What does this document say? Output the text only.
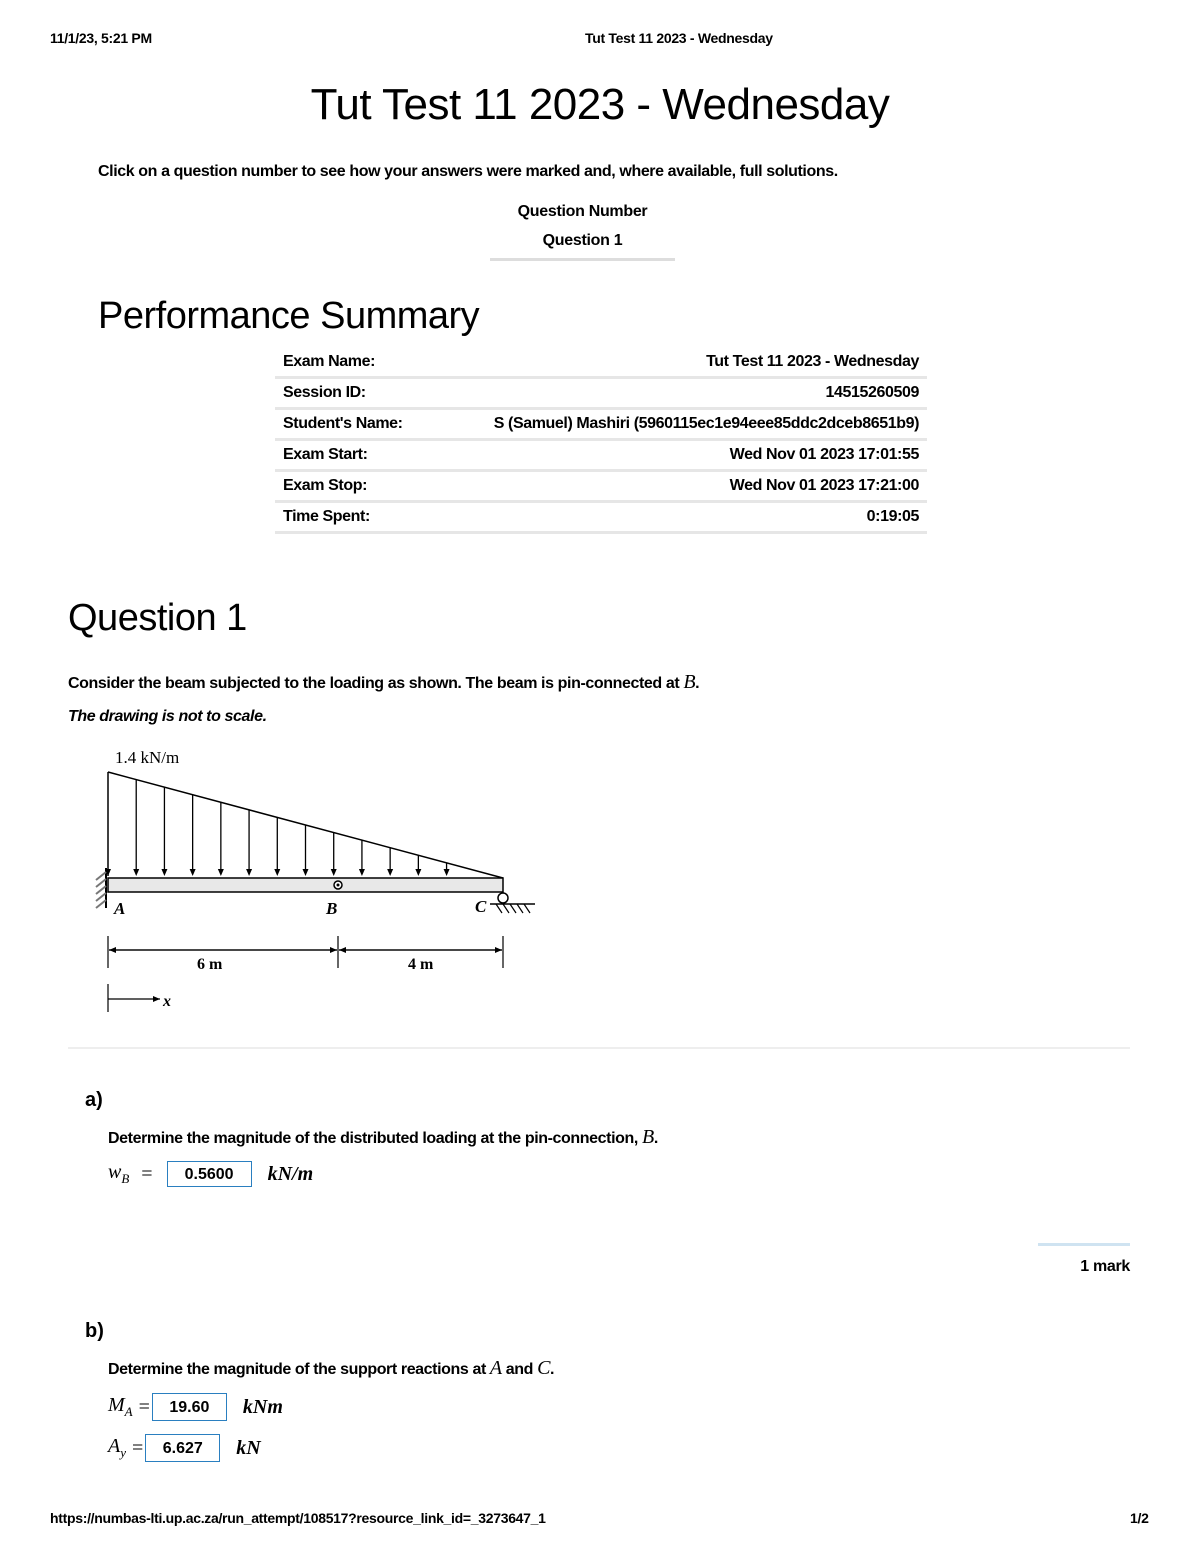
11/1/23, 5:21 PM	Tut Test 11 2023 - Wednesday
Tut Test 11 2023 - Wednesday
Click on a question number to see how your answers were marked and, where available, full solutions.
Question Number
Question 1
Performance Summary
Exam Name:	Tut Test 11 2023 - Wednesday
Session ID:	14515260509
Student's Name:	S (Samuel) Mashiri (5960115ec1e94eee85ddc2dceb8651b9)
Exam Start:	Wed Nov 01 2023 17:01:55
Exam Stop:	Wed Nov 01 2023 17:21:00
Time Spent:	0:19:05
Question 1
Consider the beam subjected to the loading as shown. The beam is pin-connected at B.
The drawing is not to scale.
1.4 kN/m
A	B	C
6 m	4 m
x
a)
Determine the magnitude of the distributed loading at the pin-connection, B.
$w_B$ =	0.5600	kN/m
1 mark
b)
Determine the magnitude of the support reactions at A and C.
$M_A$ =	19.60	kNm
$A_y$ =	6.627	kN
https://numbas-lti.up.ac.za/run_attempt/108517?resource_link_id=_3273647_1	1/2
